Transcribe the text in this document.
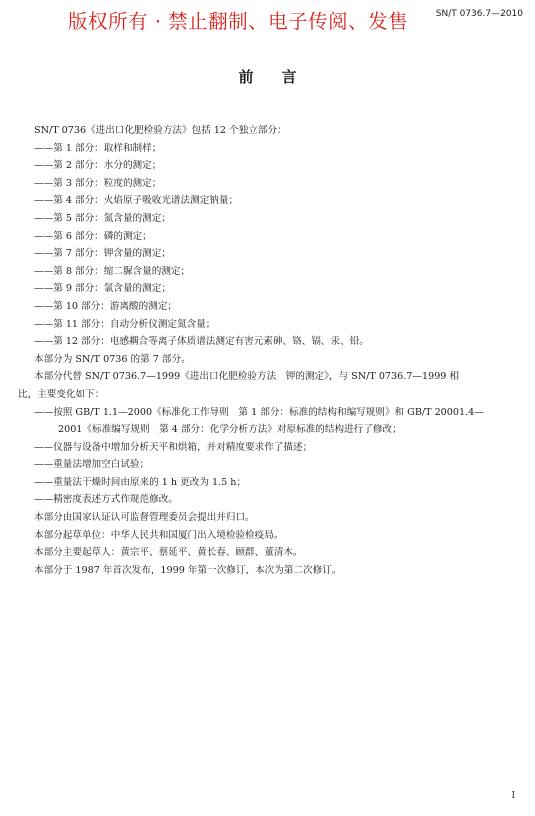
版权所有 · 禁止翻制、电子传阅、发售	SN/T 0736.7—2010
前言
SN/T 0736《进出口化肥检验方法》包括 12 个独立部分：
——第 1 部分：取样和制样；
——第 2 部分：水分的测定；
——第 3 部分：粒度的测定；
——第 4 部分：火焰原子吸收光谱法测定钠量；
——第 5 部分：氮含量的测定；
——第 6 部分：磷的测定；
——第 7 部分：钾含量的测定；
——第 8 部分：缩二脲含量的测定；
——第 9 部分：氯含量的测定；
——第 10 部分：游离酸的测定；
——第 11 部分：自动分析仪测定氮含量；
——第 12 部分：电感耦合等离子体质谱法测定有害元素砷、铬、镉、汞、铅。
本部分为 SN/T 0736 的第 7 部分。
本部分代替 SN/T 0736.7—1999《进出口化肥检验方法　钾的测定》，与 SN/T 0736.7—1999 相
比，主要变化如下：
——按照 GB/T 1.1—2000《标准化工作导则　第 1 部分：标准的结构和编写规则》和 GB/T 20001.4—
2001《标准编写规则　第 4 部分：化学分析方法》对原标准的结构进行了修改；
——仪器与设备中增加分析天平和烘箱，并对精度要求作了描述；
——重量法增加空白试验；
——重量法干燥时间由原来的 1 h 更改为 1.5 h；
——精密度表述方式作规范修改。
本部分由国家认证认可监督管理委员会提出并归口。
本部分起草单位：中华人民共和国厦门出入境检验检疫局。
本部分主要起草人：黄宗平、蔡延平、黄长春、顾群、董清木。
本部分于 1987 年首次发布，1999 年第一次修订，本次为第二次修订。
I
